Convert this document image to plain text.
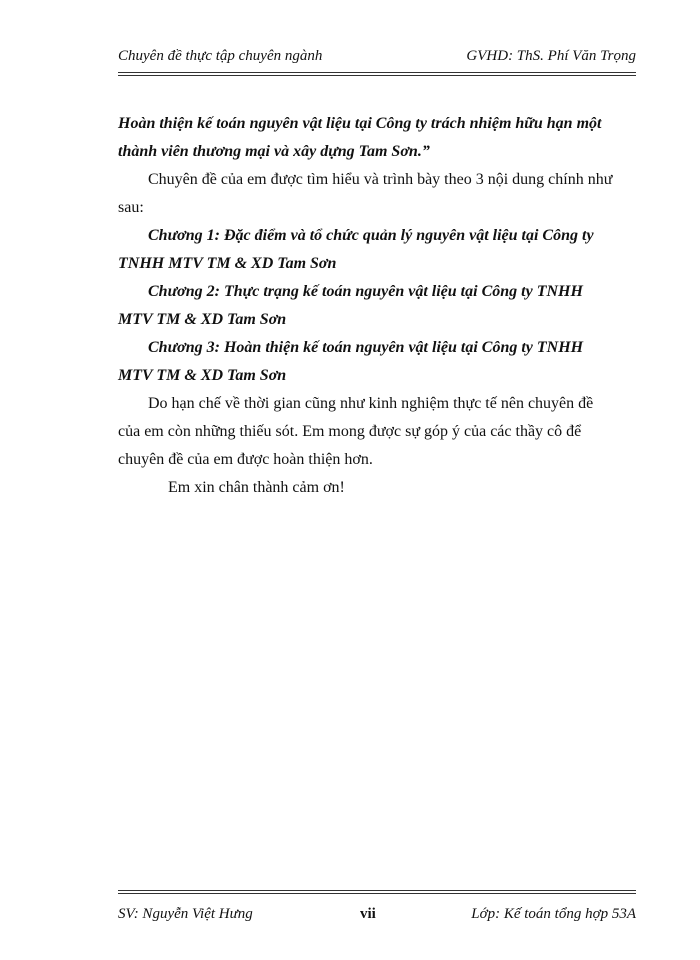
Chuyên đề thực tập chuyên ngành	GVHD: ThS. Phí Văn Trọng

Hoàn thiện kế toán nguyên vật liệu tại Công ty trách nhiệm hữu hạn một

thành viên thương mại và xây dựng Tam Sơn.”

Chuyên đề của em được tìm hiểu và trình bày theo 3 nội dung chính như

sau:

Chương 1: Đặc điểm và tổ chức quản lý nguyên vật liệu tại Công ty

TNHH MTV TM & XD Tam Sơn

Chương 2: Thực trạng kế toán nguyên vật liệu tại Công ty TNHH

MTV TM & XD Tam Sơn

Chương 3: Hoàn thiện kế toán nguyên vật liệu tại Công ty TNHH

MTV TM & XD Tam Sơn

Do hạn chế về thời gian cũng như kinh nghiệm thực tế nên chuyên đề

của em còn những thiếu sót. Em mong được sự góp ý của các thầy cô để

chuyên đề của em được hoàn thiện hơn.

Em xin chân thành cảm ơn!

SV: Nguyễn Việt Hưng	vii	Lớp: Kế toán tổng hợp 53A
